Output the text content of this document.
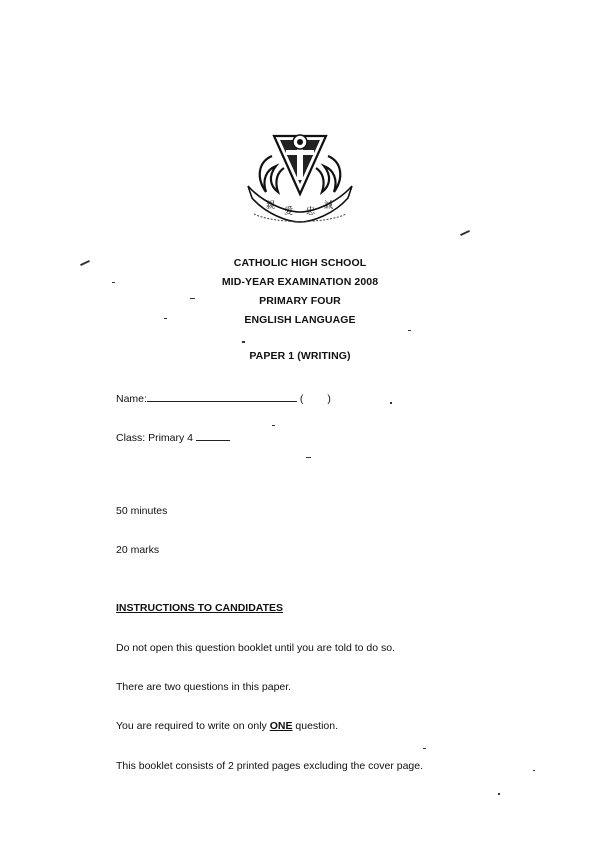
親
愛 忠
誠
CATHOLIC HIGH SCHOOL
MID-YEAR EXAMINATION 2008
PRIMARY FOUR
ENGLISH LANGUAGE
PAPER 1 (WRITING)
Name:	( )
Class: Primary 4
50 minutes
20 marks
INSTRUCTIONS TO CANDIDATES
Do not open this question booklet until you are told to do so.
There are two questions in this paper.
You are required to write on only ONE question.
This booklet consists of 2 printed pages excluding the cover page.
